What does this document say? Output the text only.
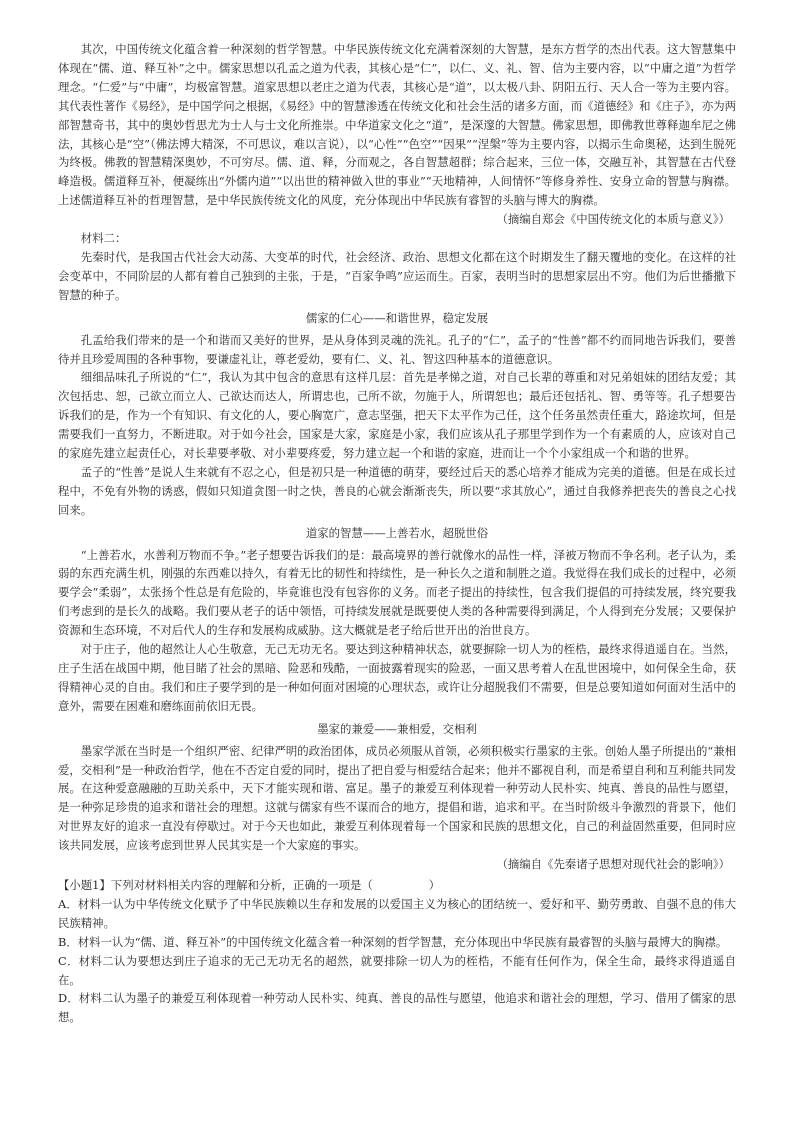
其次，中国传统文化蕴含着一种深刻的哲学智慧。中华民族传统文化充满着深刻的大智慧，是东方哲学的杰出代表。这大智慧集中体现在“儒、道、释互补”之中。儒家思想以孔孟之道为代表，其核心是“仁”，以仁、义、礼、智、信为主要内容，以“中庸之道”为哲学理念。“仁爱”与“中庸”，均极富智慧。道家思想以老庄之道为代表，其核心是“道”，以太极八卦、阴阳五行、天人合一等为主要内容。其代表性著作《易经》，是中国学问之根据，《易经》中的智慧渗透在传统文化和社会生活的诸多方面，而《道德经》和《庄子》，亦为两部智慧奇书，其中的奥妙哲思尤为士人与士文化所推崇。中华道家文化之“道”，是深邃的大智慧。佛家思想，即佛教世尊释迦牟尼之佛法，其核心是“空”（佛法博大精深，不可思议，难以言说），以“心性”“色空”“因果”“涅槃”等为主要内容，以揭示生命奥秘，达到生脱死为终极。佛教的智慧精深奥妙，不可穷尽。儒、道、释，分而观之，各自智慧超群；综合起来，三位一体，交融互补，其智慧在古代登峰造极。儒道释互补，便凝练出“外儒内道”“以出世的精神做入世的事业”“天地精神，人间情怀”等修身养性、安身立命的智慧与胸襟。上述儒道释互补的哲理智慧，是中华民族传统文化的风度，充分体现出中华民族有睿智的头脑与博大的胸襟。

（摘编自郑会《中国传统文化的本质与意义》）

材料二：

先秦时代，是我国古代社会大动荡、大变革的时代，社会经济、政治、思想文化都在这个时期发生了翻天覆地的变化。在这样的社会变革中，不同阶层的人都有着自己独到的主张，于是，“百家争鸣”应运而生。百家，表明当时的思想家层出不穷。他们为后世播撒下智慧的种子。

儒家的仁心——和谐世界，稳定发展

孔孟给我们带来的是一个和谐而又美好的世界，是从身体到灵魂的洗礼。孔子的“仁”，孟子的“性善”都不约而同地告诉我们，要善待并且珍爱周围的各种事物，要谦虚礼让，尊老爱幼，要有仁、义、礼、智这四种基本的道德意识。

细细品味孔子所说的“仁”，我认为其中包含的意思有这样几层：首先是孝悌之道，对自己长辈的尊重和对兄弟姐妹的团结友爱；其次包括忠、恕，己欲立而立人、己欲达而达人，所谓忠也，己所不欲，勿施于人，所谓恕也；最后还包括礼、智、勇等等。孔子想要告诉我们的是，作为一个有知识、有文化的人，要心胸宽广，意志坚强，把天下太平作为己任，这个任务虽然责任重大，路途坎坷，但是需要我们一直努力，不断进取。对于如今社会，国家是大家，家庭是小家，我们应该从孔子那里学到作为一个有素质的人，应该对自己的家庭先建立起责任心，对长辈要孝敬、对小辈要疼爱，努力建立起一个和谐的家庭，进而让一个个小家组成一个和谐的世界。

孟子的“性善”是说人生来就有不忍之心，但是初只是一种道德的萌芽，要经过后天的悉心培养才能成为完美的道德。但是在成长过程中，不免有外物的诱惑，假如只知道贪图一时之快，善良的心就会渐渐丧失，所以要“求其放心”，通过自我修养把丧失的善良之心找回来。

道家的智慧——上善若水，超脱世俗

“上善若水，水善利万物而不争。”老子想要告诉我们的是：最高境界的善行就像水的品性一样，泽被万物而不争名利。老子认为，柔弱的东西充满生机，刚强的东西难以持久，有着无比的韧性和持续性，是一种长久之道和制胜之道。我觉得在我们成长的过程中，必须要学会“柔弱”，太张扬个性总是有危险的，毕竟谁也没有包容你的义务。而老子提出的持续性，包含我们提倡的可持续发展，终究要我们考虑到的是长久的战略。我们要从老子的话中领悟，可持续发展就是既要使人类的各种需要得到满足，个人得到充分发展；又要保护资源和生态环境，不对后代人的生存和发展构成威胁。这大概就是老子给后世开出的治世良方。

对于庄子，他的超然让人心生敬意，无己无功无名。要达到这种精神状态，就要摒除一切人为的桎梏，最终求得逍遥自在。当然，庄子生活在战国中期，他目睹了社会的黑暗、险恶和残酷，一面披露着现实的险恶，一面又思考着人在乱世困境中，如何保全生命，获得精神心灵的自由。我们和庄子要学到的是一种如何面对困境的心理状态，或许让分超脱我们不需要，但是总要知道如何面对生活中的意外，需要在困难和磨练面前依旧无畏。

墨家的兼爱——兼相爱，交相利

墨家学派在当时是一个组织严密、纪律严明的政治团体，成员必须服从首领，必须积极实行墨家的主张。创始人墨子所提出的“兼相爱，交相利”是一种政治哲学，他在不否定自爱的同时，提出了把自爱与相爱结合起来；他并不鄙视自利，而是希望自利和互利能共同发展。在这种爱意融融的互助关系中，天下才能实现和谐、富足。墨子的兼爱互利体现着一种劳动人民朴实、纯真、善良的品性与愿望，是一种弥足珍贵的追求和谐社会的理想。这就与儒家有些不谋而合的地方，提倡和谐，追求和平。在当时阶级斗争激烈的背景下，他们对世界友好的追求一直没有停歇过。对于今天也如此，兼爱互利体现着每一个国家和民族的思想文化，自己的利益固然重要，但同时应该共同发展，应该考虑到世界人民其实是一个大家庭的事实。

（摘编自《先秦诸子思想对现代社会的影响》）

【小题1】下列对材料相关内容的理解和分析，正确的一项是（	）

A．材料一认为中华传统文化赋予了中华民族赖以生存和发展的以爱国主义为核心的团结统一、爱好和平、勤劳勇敢、自强不息的伟大民族精神。

B．材料一认为“儒、道、释互补”的中国传统文化蕴含着一种深刻的哲学智慧，充分体现出中华民族有最睿智的头脑与最博大的胸襟。

C．材料二认为要想达到庄子追求的无己无功无名的超然，就要排除一切人为的桎梏，不能有任何作为，保全生命，最终求得逍遥自在。

D．材料二认为墨子的兼爱互利体现着一种劳动人民朴实、纯真、善良的品性与愿望，他追求和谐社会的理想，学习、借用了儒家的思想。
